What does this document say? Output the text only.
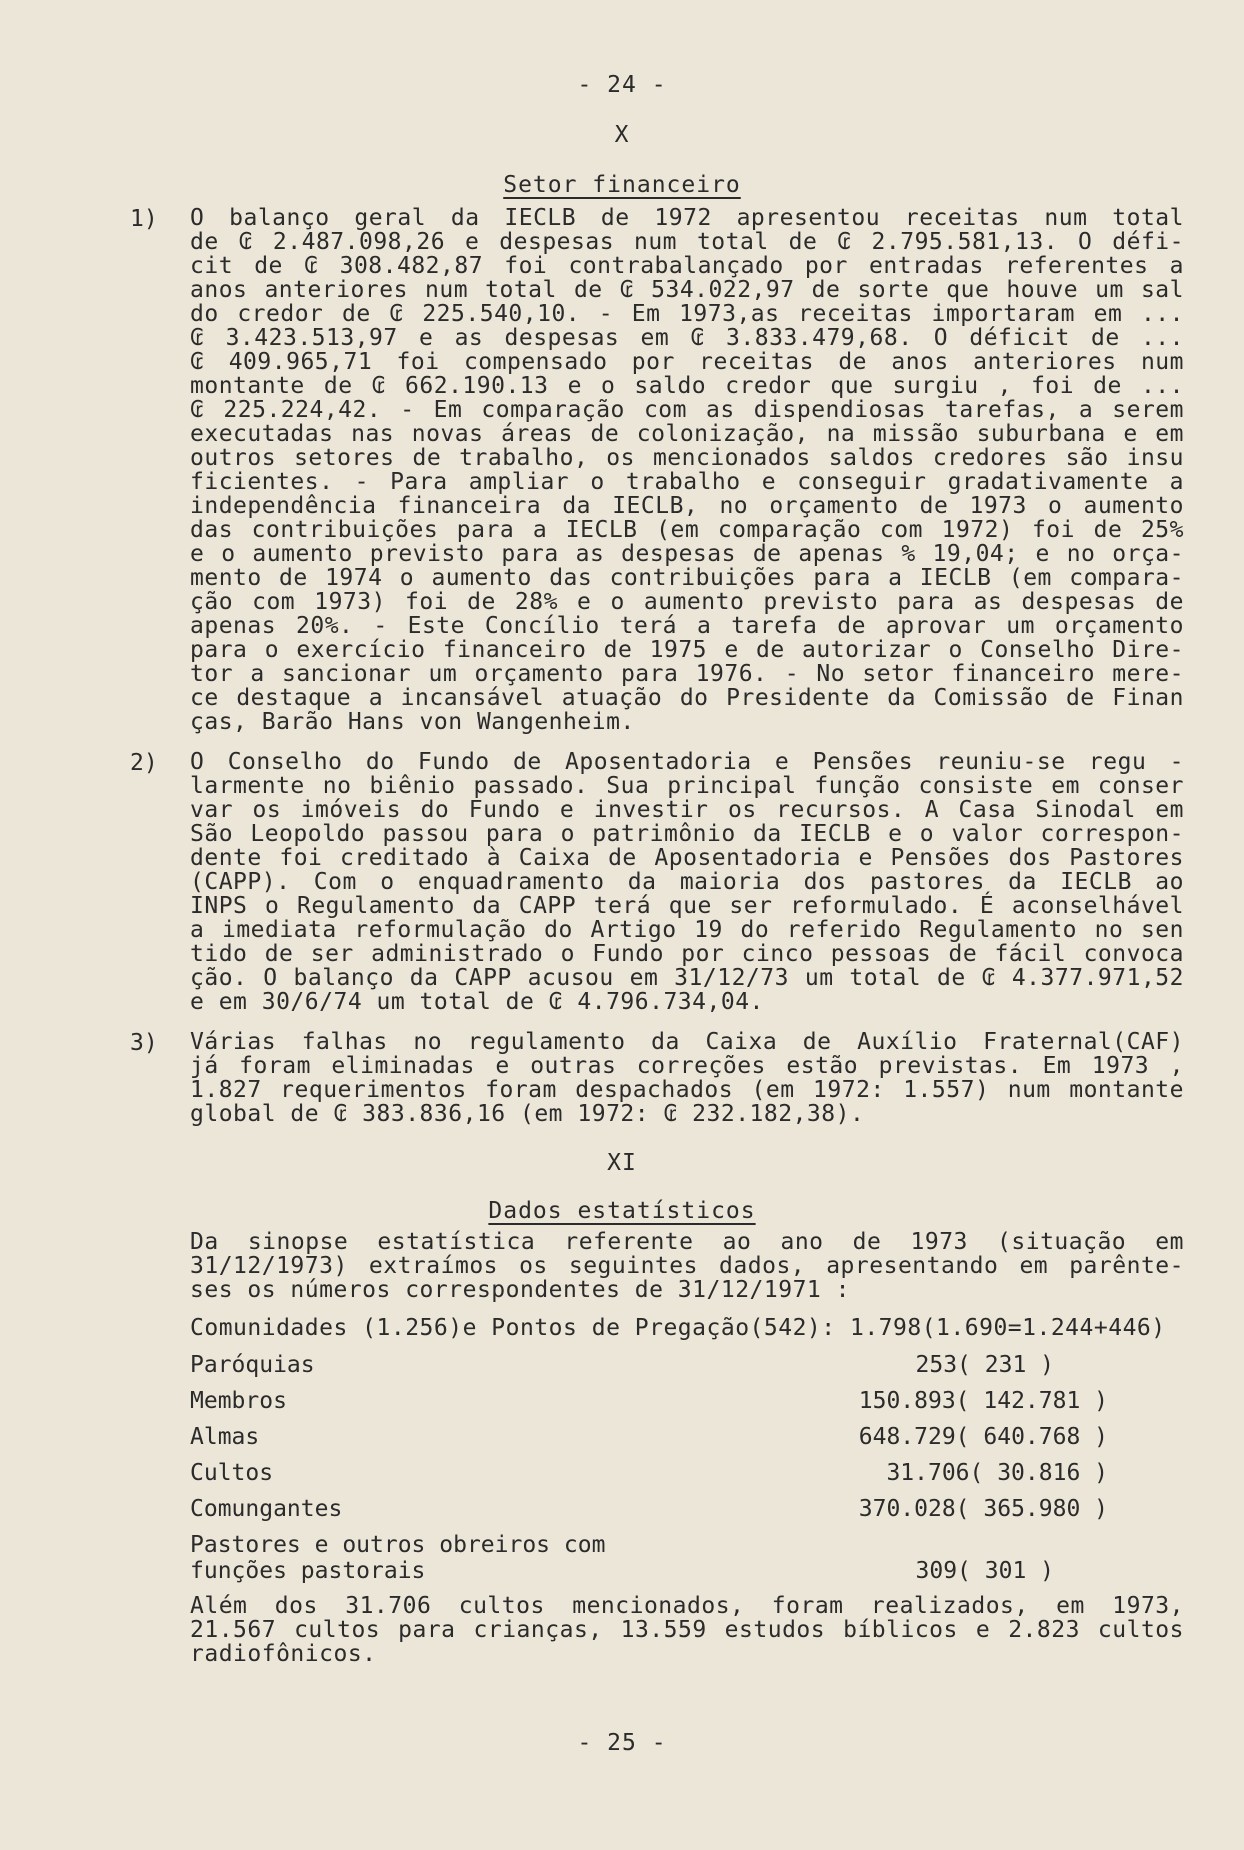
- 24 -
X
Setor financeiro
1) O balanço geral da IECLB de 1972 apresentou receitas num total
de ₢ 2.487.098,26 e despesas num total de ₢ 2.795.581,13. O défi-
cit de ₢ 308.482,87 foi contrabalançado por entradas referentes a
anos anteriores num total de ₢ 534.022,97 de sorte que houve um sal
do credor de ₢ 225.540,10. - Em 1973,as receitas importaram em ...
₢ 3.423.513,97 e as despesas em ₢ 3.833.479,68. O déficit de ...
₢ 409.965,71 foi compensado por receitas de anos anteriores num
montante de ₢ 662.190.13 e o saldo credor que surgiu , foi de ...
₢ 225.224,42. - Em comparação com as dispendiosas tarefas, a serem
executadas nas novas áreas de colonização, na missão suburbana e em
outros setores de trabalho, os mencionados saldos credores são insu
ficientes. - Para ampliar o trabalho e conseguir gradativamente a
independência financeira da IECLB, no orçamento de 1973 o aumento
das contribuições para a IECLB (em comparação com 1972) foi de 25%
e o aumento previsto para as despesas de apenas % 19,04; e no orça-
mento de 1974 o aumento das contribuições para a IECLB (em compara-
ção com 1973) foi de 28% e o aumento previsto para as despesas de
apenas 20%. - Este Concílio terá a tarefa de aprovar um orçamento
para o exercício financeiro de 1975 e de autorizar o Conselho Dire-
tor a sancionar um orçamento para 1976. - No setor financeiro mere-
ce destaque a incansável atuação do Presidente da Comissão de Finan
ças, Barão Hans von Wangenheim.
2) O Conselho do Fundo de Aposentadoria e Pensões reuniu-se regu -
larmente no biênio passado. Sua principal função consiste em conser
var os imóveis do Fundo e investir os recursos. A Casa Sinodal em
São Leopoldo passou para o patrimônio da IECLB e o valor correspon-
dente foi creditado à Caixa de Aposentadoria e Pensões dos Pastores
(CAPP). Com o enquadramento da maioria dos pastores da IECLB ao
INPS o Regulamento da CAPP terá que ser reformulado. É aconselhável
a imediata reformulação do Artigo 19 do referido Regulamento no sen
tido de ser administrado o Fundo por cinco pessoas de fácil convoca
ção. O balanço da CAPP acusou em 31/12/73 um total de ₢ 4.377.971,52
e em 30/6/74 um total de ₢ 4.796.734,04.
3) Várias falhas no regulamento da Caixa de Auxílio Fraternal(CAF)
já foram eliminadas e outras correções estão previstas. Em 1973 ,
1.827 requerimentos foram despachados (em 1972: 1.557) num montante
global de ₢ 383.836,16 (em 1972: ₢ 232.182,38).
XI
Dados estatísticos
Da sinopse estatística referente ao ano de 1973 (situação em
31/12/1973) extraímos os seguintes dados, apresentando em parênte-
ses os números correspondentes de 31/12/1971 :
Comunidades (1.256)e Pontos de Pregação(542): 1.798(1.690=1.244+446)
Paróquias	253( 231 )
Membros	150.893( 142.781 )
Almas	648.729( 640.768 )
Cultos	31.706( 30.816 )
Comungantes	370.028( 365.980 )
Pastores e outros obreiros com
funções pastorais	309( 301 )
Além dos 31.706 cultos mencionados, foram realizados, em 1973,
21.567 cultos para crianças, 13.559 estudos bíblicos e 2.823 cultos
radiofônicos.
- 25 -
